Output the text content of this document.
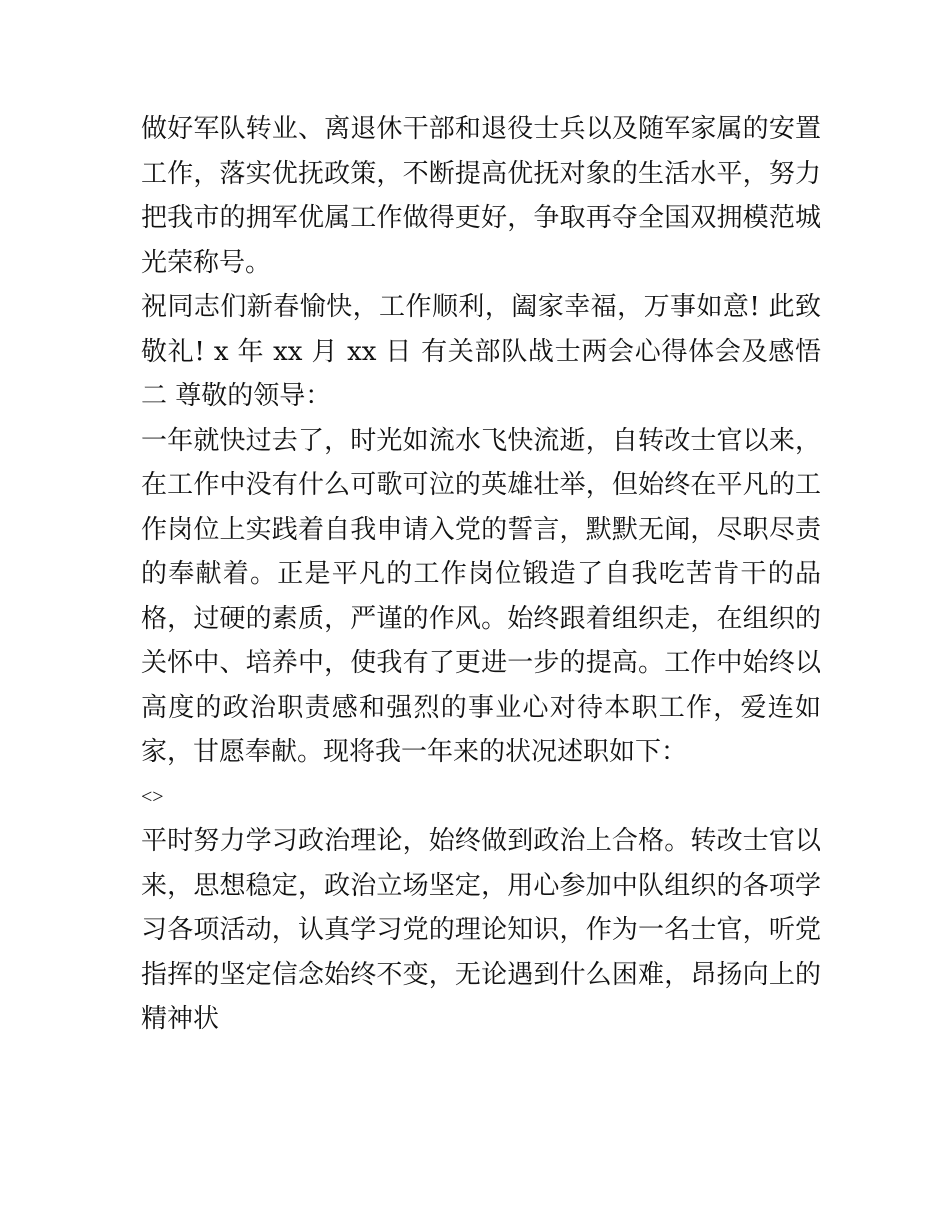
做好军队转业、离退休干部和退役士兵以及随军家属的安置工作，落实优抚政策，不断提高优抚对象的生活水平，努力把我市的拥军优属工作做得更好，争取再夺全国双拥模范城光荣称号。

祝同志们新春愉快，工作顺利，阖家幸福，万事如意! 此致 敬礼! x 年 xx 月 xx 日 有关部队战士两会心得体会及感悟二 尊敬的领导：

一年就快过去了，时光如流水飞快流逝，自转改士官以来，在工作中没有什么可歌可泣的英雄壮举，但始终在平凡的工作岗位上实践着自我申请入党的誓言，默默无闻，尽职尽责的奉献着。正是平凡的工作岗位锻造了自我吃苦肯干的品格，过硬的素质，严谨的作风。始终跟着组织走，在组织的关怀中、培养中，使我有了更进一步的提高。工作中始终以高度的政治职责感和强烈的事业心对待本职工作，爱连如家，甘愿奉献。现将我一年来的状况述职如下：

<>

平时努力学习政治理论，始终做到政治上合格。转改士官以来，思想稳定，政治立场坚定，用心参加中队组织的各项学习各项活动，认真学习党的理论知识，作为一名士官，听党指挥的坚定信念始终不变，无论遇到什么困难，昂扬向上的精神状
